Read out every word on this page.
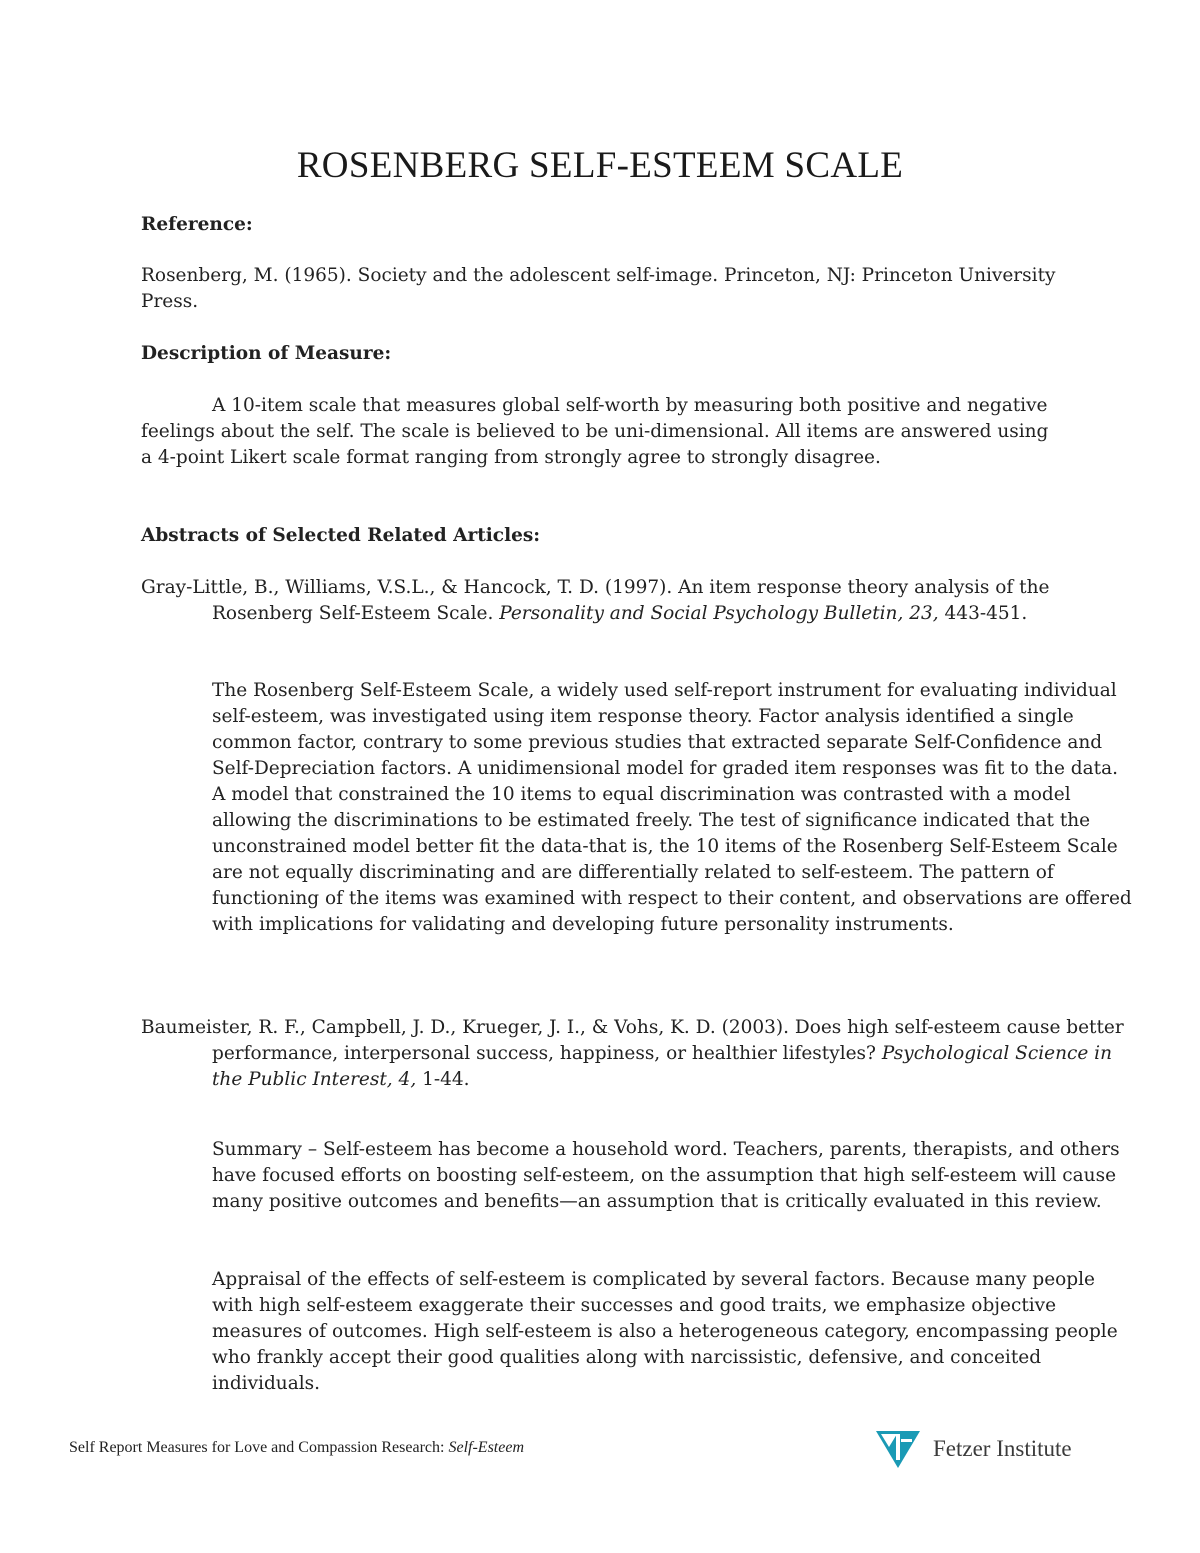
ROSENBERG SELF-ESTEEM SCALE
Reference:
Rosenberg, M. (1965). Society and the adolescent self-image. Princeton, NJ: Princeton University Press.
Description of Measure:
A 10-item scale that measures global self-worth by measuring both positive and negative feelings about the self. The scale is believed to be uni-dimensional. All items are answered using a 4-point Likert scale format ranging from strongly agree to strongly disagree.
Abstracts of Selected Related Articles:
Gray-Little, B., Williams, V.S.L., & Hancock, T. D. (1997). An item response theory analysis of the Rosenberg Self-Esteem Scale. Personality and Social Psychology Bulletin, 23, 443-451.
The Rosenberg Self-Esteem Scale, a widely used self-report instrument for evaluating individual self-esteem, was investigated using item response theory. Factor analysis identified a single common factor, contrary to some previous studies that extracted separate Self-Confidence and Self-Depreciation factors. A unidimensional model for graded item responses was fit to the data. A model that constrained the 10 items to equal discrimination was contrasted with a model allowing the discriminations to be estimated freely. The test of significance indicated that the unconstrained model better fit the data-that is, the 10 items of the Rosenberg Self-Esteem Scale are not equally discriminating and are differentially related to self-esteem. The pattern of functioning of the items was examined with respect to their content, and observations are offered with implications for validating and developing future personality instruments.
Baumeister, R. F., Campbell, J. D., Krueger, J. I., & Vohs, K. D. (2003). Does high self-esteem cause better performance, interpersonal success, happiness, or healthier lifestyles? Psychological Science in the Public Interest, 4, 1-44.
Summary – Self-esteem has become a household word. Teachers, parents, therapists, and others have focused efforts on boosting self-esteem, on the assumption that high self-esteem will cause many positive outcomes and benefits—an assumption that is critically evaluated in this review.
Appraisal of the effects of self-esteem is complicated by several factors. Because many people with high self-esteem exaggerate their successes and good traits, we emphasize objective measures of outcomes. High self-esteem is also a heterogeneous category, encompassing people who frankly accept their good qualities along with narcissistic, defensive, and conceited individuals.
Self Report Measures for Love and Compassion Research: Self-Esteem	Fetzer Institute
